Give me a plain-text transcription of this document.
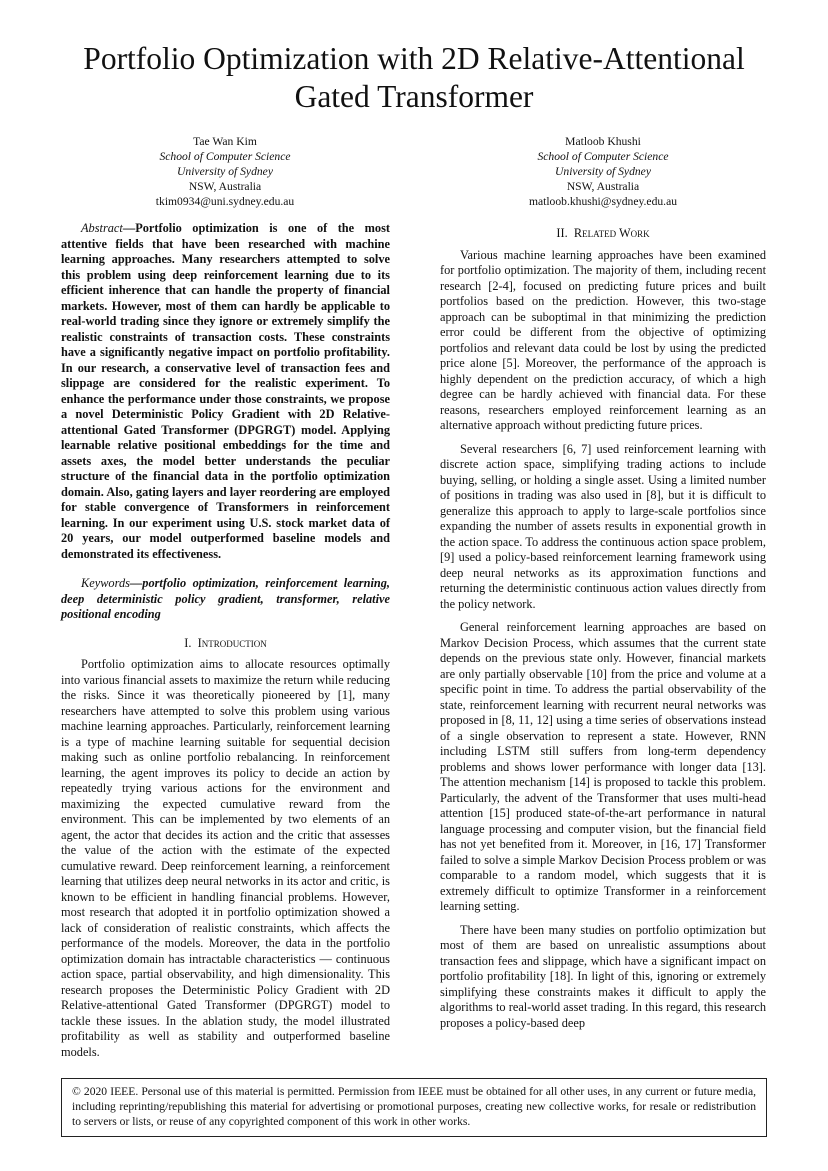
Portfolio Optimization with 2D Relative-Attentional
Gated Transformer
Tae Wan Kim
School of Computer Science
University of Sydney
NSW, Australia
tkim0934@uni.sydney.edu.au
Matloob Khushi
School of Computer Science
University of Sydney
NSW, Australia
matloob.khushi@sydney.edu.au

Abstract—Portfolio optimization is one of the most attentive fields that have been researched with machine learning approaches. Many researchers attempted to solve this problem using deep reinforcement learning due to its efficient inherence that can handle the property of financial markets. However, most of them can hardly be applicable to real-world trading since they ignore or extremely simplify the realistic constraints of transaction costs. These constraints have a significantly negative impact on portfolio profitability. In our research, a conservative level of transaction fees and slippage are considered for the realistic experiment. To enhance the performance under those constraints, we propose a novel Deterministic Policy Gradient with 2D Relative-attentional Gated Transformer (DPGRGT) model. Applying learnable relative positional embeddings for the time and assets axes, the model better understands the peculiar structure of the financial data in the portfolio optimization domain. Also, gating layers and layer reordering are employed for stable convergence of Transformers in reinforcement learning. In our experiment using U.S. stock market data of 20 years, our model outperformed baseline models and demonstrated its effectiveness.

Keywords—portfolio optimization, reinforcement learning, deep deterministic policy gradient, transformer, relative positional encoding

I. Introduction

Portfolio optimization aims to allocate resources optimally into various financial assets to maximize the return while reducing the risks. Since it was theoretically pioneered by [1], many researchers have attempted to solve this problem using various machine learning approaches. Particularly, reinforcement learning is a type of machine learning suitable for sequential decision making such as online portfolio rebalancing. In reinforcement learning, the agent improves its policy to decide an action by repeatedly trying various actions for the environment and maximizing the expected cumulative reward from the environment. This can be implemented by two elements of an agent, the actor that decides its action and the critic that assesses the value of the action with the estimate of the expected cumulative reward. Deep reinforcement learning, a reinforcement learning that utilizes deep neural networks in its actor and critic, is known to be efficient in handling financial problems. However, most research that adopted it in portfolio optimization showed a lack of consideration of realistic constraints, which affects the performance of the models. Moreover, the data in the portfolio optimization domain has intractable characteristics — continuous action space, partial observability, and high dimensionality. This research proposes the Deterministic Policy Gradient with 2D Relative-attentional Gated Transformer (DPGRGT) model to tackle these issues. In the ablation study, the model illustrated profitability as well as stability and outperformed baseline models.

II. Related Work

Various machine learning approaches have been examined for portfolio optimization. The majority of them, including recent research [2-4], focused on predicting future prices and built portfolios based on the prediction. However, this two-stage approach can be suboptimal in that minimizing the prediction error could be different from the objective of optimizing portfolios and relevant data could be lost by using the predicted price alone [5]. Moreover, the performance of the approach is highly dependent on the prediction accuracy, of which a high degree can be hardly achieved with financial data. For these reasons, researchers employed reinforcement learning as an alternative approach without predicting future prices.

Several researchers [6, 7] used reinforcement learning with discrete action space, simplifying trading actions to include buying, selling, or holding a single asset. Using a limited number of positions in trading was also used in [8], but it is difficult to generalize this approach to apply to large-scale portfolios since expanding the number of assets results in exponential growth in the action space. To address the continuous action space problem, [9] used a policy-based reinforcement learning framework using deep neural networks as its approximation functions and returning the deterministic continuous action values directly from the policy network.

General reinforcement learning approaches are based on Markov Decision Process, which assumes that the current state depends on the previous state only. However, financial markets are only partially observable [10] from the price and volume at a specific point in time. To address the partial observability of the state, reinforcement learning with recurrent neural networks was proposed in [8, 11, 12] using a time series of observations instead of a single observation to represent a state. However, RNN including LSTM still suffers from long-term dependency problems and shows lower performance with longer data [13]. The attention mechanism [14] is proposed to tackle this problem. Particularly, the advent of the Transformer that uses multi-head attention [15] produced state-of-the-art performance in natural language processing and computer vision, but the financial field has not yet benefited from it. Moreover, in [16, 17] Transformer failed to solve a simple Markov Decision Process problem or was comparable to a random model, which suggests that it is extremely difficult to optimize Transformer in a reinforcement learning setting.

There have been many studies on portfolio optimization but most of them are based on unrealistic assumptions about transaction fees and slippage, which have a significant impact on portfolio profitability [18]. In light of this, ignoring or extremely simplifying these constraints makes it difficult to apply the algorithms to real-world asset trading. In this regard, this research proposes a policy-based deep

© 2020 IEEE. Personal use of this material is permitted. Permission from IEEE must be obtained for all other uses, in any current or future media, including reprinting/republishing this material for advertising or promotional purposes, creating new collective works, for resale or redistribution to servers or lists, or reuse of any copyrighted component of this work in other works.
